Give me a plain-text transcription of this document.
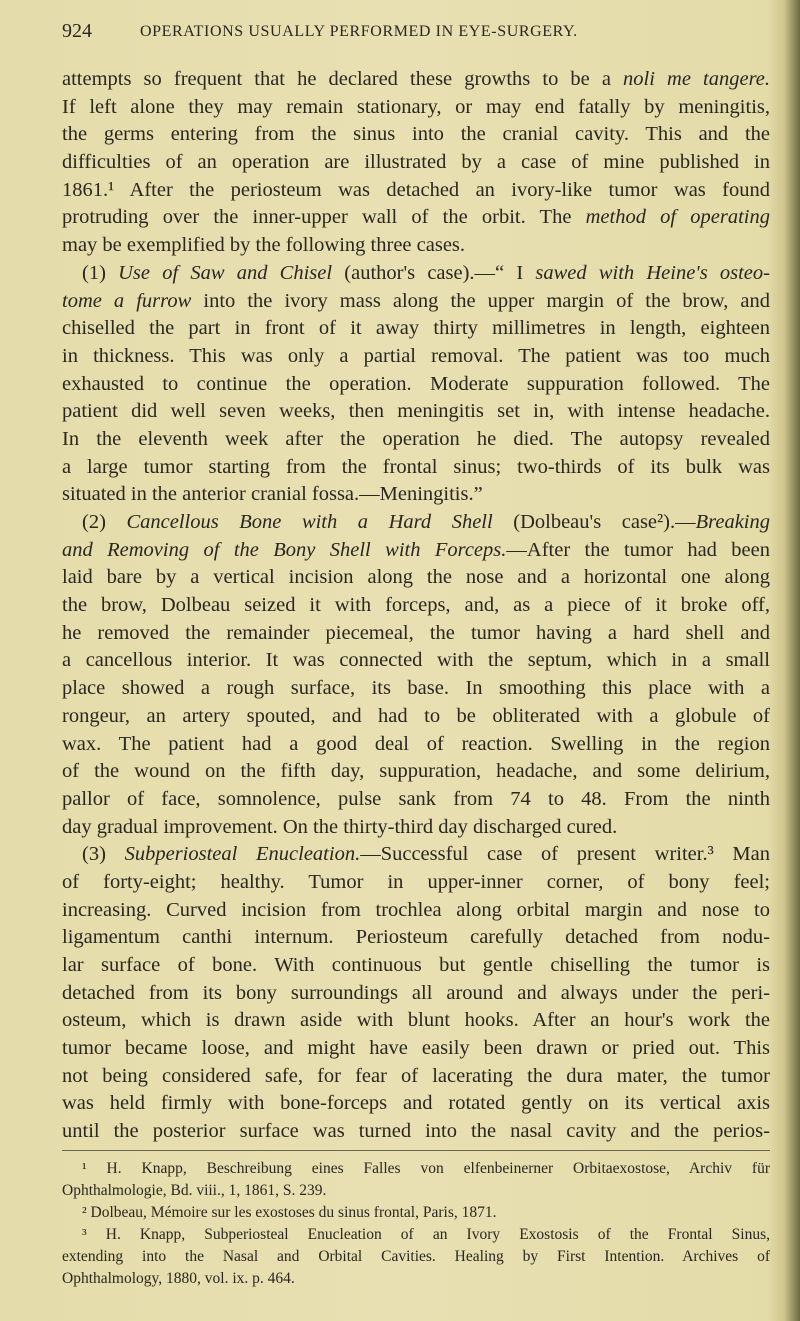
924	OPERATIONS USUALLY PERFORMED IN EYE-SURGERY.
attempts so frequent that he declared these growths to be a noli me tangere.
If left alone they may remain stationary, or may end fatally by meningitis,
the germs entering from the sinus into the cranial cavity. This and the
difficulties of an operation are illustrated by a case of mine published in
1861.¹ After the periosteum was detached an ivory-like tumor was found
protruding over the inner-upper wall of the orbit. The method of operating
may be exemplified by the following three cases.
(1) Use of Saw and Chisel (author's case).—“ I sawed with Heine's osteo-
tome a furrow into the ivory mass along the upper margin of the brow, and
chiselled the part in front of it away thirty millimetres in length, eighteen
in thickness. This was only a partial removal. The patient was too much
exhausted to continue the operation. Moderate suppuration followed. The
patient did well seven weeks, then meningitis set in, with intense headache.
In the eleventh week after the operation he died. The autopsy revealed
a large tumor starting from the frontal sinus; two-thirds of its bulk was
situated in the anterior cranial fossa.—Meningitis.”
(2) Cancellous Bone with a Hard Shell (Dolbeau's case²).—Breaking
and Removing of the Bony Shell with Forceps.—After the tumor had been
laid bare by a vertical incision along the nose and a horizontal one along
the brow, Dolbeau seized it with forceps, and, as a piece of it broke off,
he removed the remainder piecemeal, the tumor having a hard shell and
a cancellous interior. It was connected with the septum, which in a small
place showed a rough surface, its base. In smoothing this place with a
rongeur, an artery spouted, and had to be obliterated with a globule of
wax. The patient had a good deal of reaction. Swelling in the region
of the wound on the fifth day, suppuration, headache, and some delirium,
pallor of face, somnolence, pulse sank from 74 to 48. From the ninth
day gradual improvement. On the thirty-third day discharged cured.
(3) Subperiosteal Enucleation.—Successful case of present writer.³ Man
of forty-eight; healthy. Tumor in upper-inner corner, of bony feel;
increasing. Curved incision from trochlea along orbital margin and nose to
ligamentum canthi internum. Periosteum carefully detached from nodu-
lar surface of bone. With continuous but gentle chiselling the tumor is
detached from its bony surroundings all around and always under the peri-
osteum, which is drawn aside with blunt hooks. After an hour's work the
tumor became loose, and might have easily been drawn or pried out. This
not being considered safe, for fear of lacerating the dura mater, the tumor
was held firmly with bone-forceps and rotated gently on its vertical axis
until the posterior surface was turned into the nasal cavity and the perios-
¹ H. Knapp, Beschreibung eines Falles von elfenbeinerner Orbitaexostose, Archiv für
Ophthalmologie, Bd. viii., 1, 1861, S. 239.
² Dolbeau, Mémoire sur les exostoses du sinus frontal, Paris, 1871.
³ H. Knapp, Subperiosteal Enucleation of an Ivory Exostosis of the Frontal Sinus,
extending into the Nasal and Orbital Cavities. Healing by First Intention. Archives of
Ophthalmology, 1880, vol. ix. p. 464.
